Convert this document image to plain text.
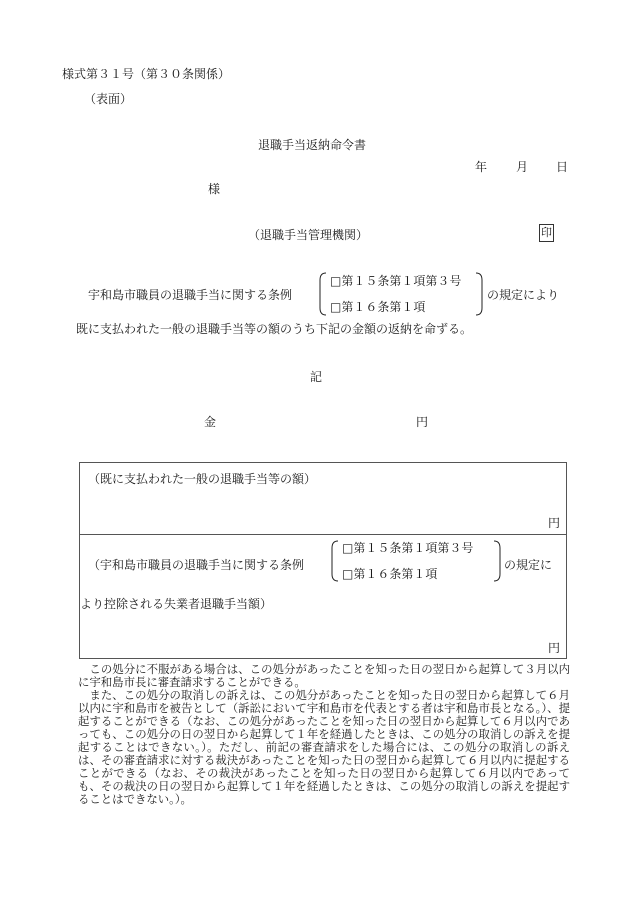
様式第３１号（第３０条関係）
（表面）
退職手当返納命令書
年 月 日
様
（退職手当管理機関）	印
宇和島市職員の退職手当に関する条例
□第１５条第１項第３号
□第１６条第１項
の規定により
既に支払われた一般の退職手当等の額のうち下記の金額の返納を命ずる。
記
金	円
（既に支払われた一般の退職手当等の額）
円
（宇和島市職員の退職手当に関する条例
□第１５条第１項第３号
□第１６条第１項
の規定に
より控除される失業者退職手当額）
円

この処分に不服がある場合は、この処分があったことを知った日の翌日から起算して３月以内に宇和島市長に審査請求することができる。

また、この処分の取消しの訴えは、この処分があったことを知った日の翌日から起算して６月以内に宇和島市を被告として（訴訟において宇和島市を代表とする者は宇和島市長となる。）、提起することができる（なお、この処分があったことを知った日の翌日から起算して６月以内であっても、この処分の日の翌日から起算して１年を経過したときは、この処分の取消しの訴えを提起することはできない。）。ただし、前記の審査請求をした場合には、この処分の取消しの訴えは、その審査請求に対する裁決があったことを知った日の翌日から起算して６月以内に提起することができる（なお、その裁決があったことを知った日の翌日から起算して６月以内であっても、その裁決の日の翌日から起算して１年を経過したときは、この処分の取消しの訴えを提起することはできない。）。
